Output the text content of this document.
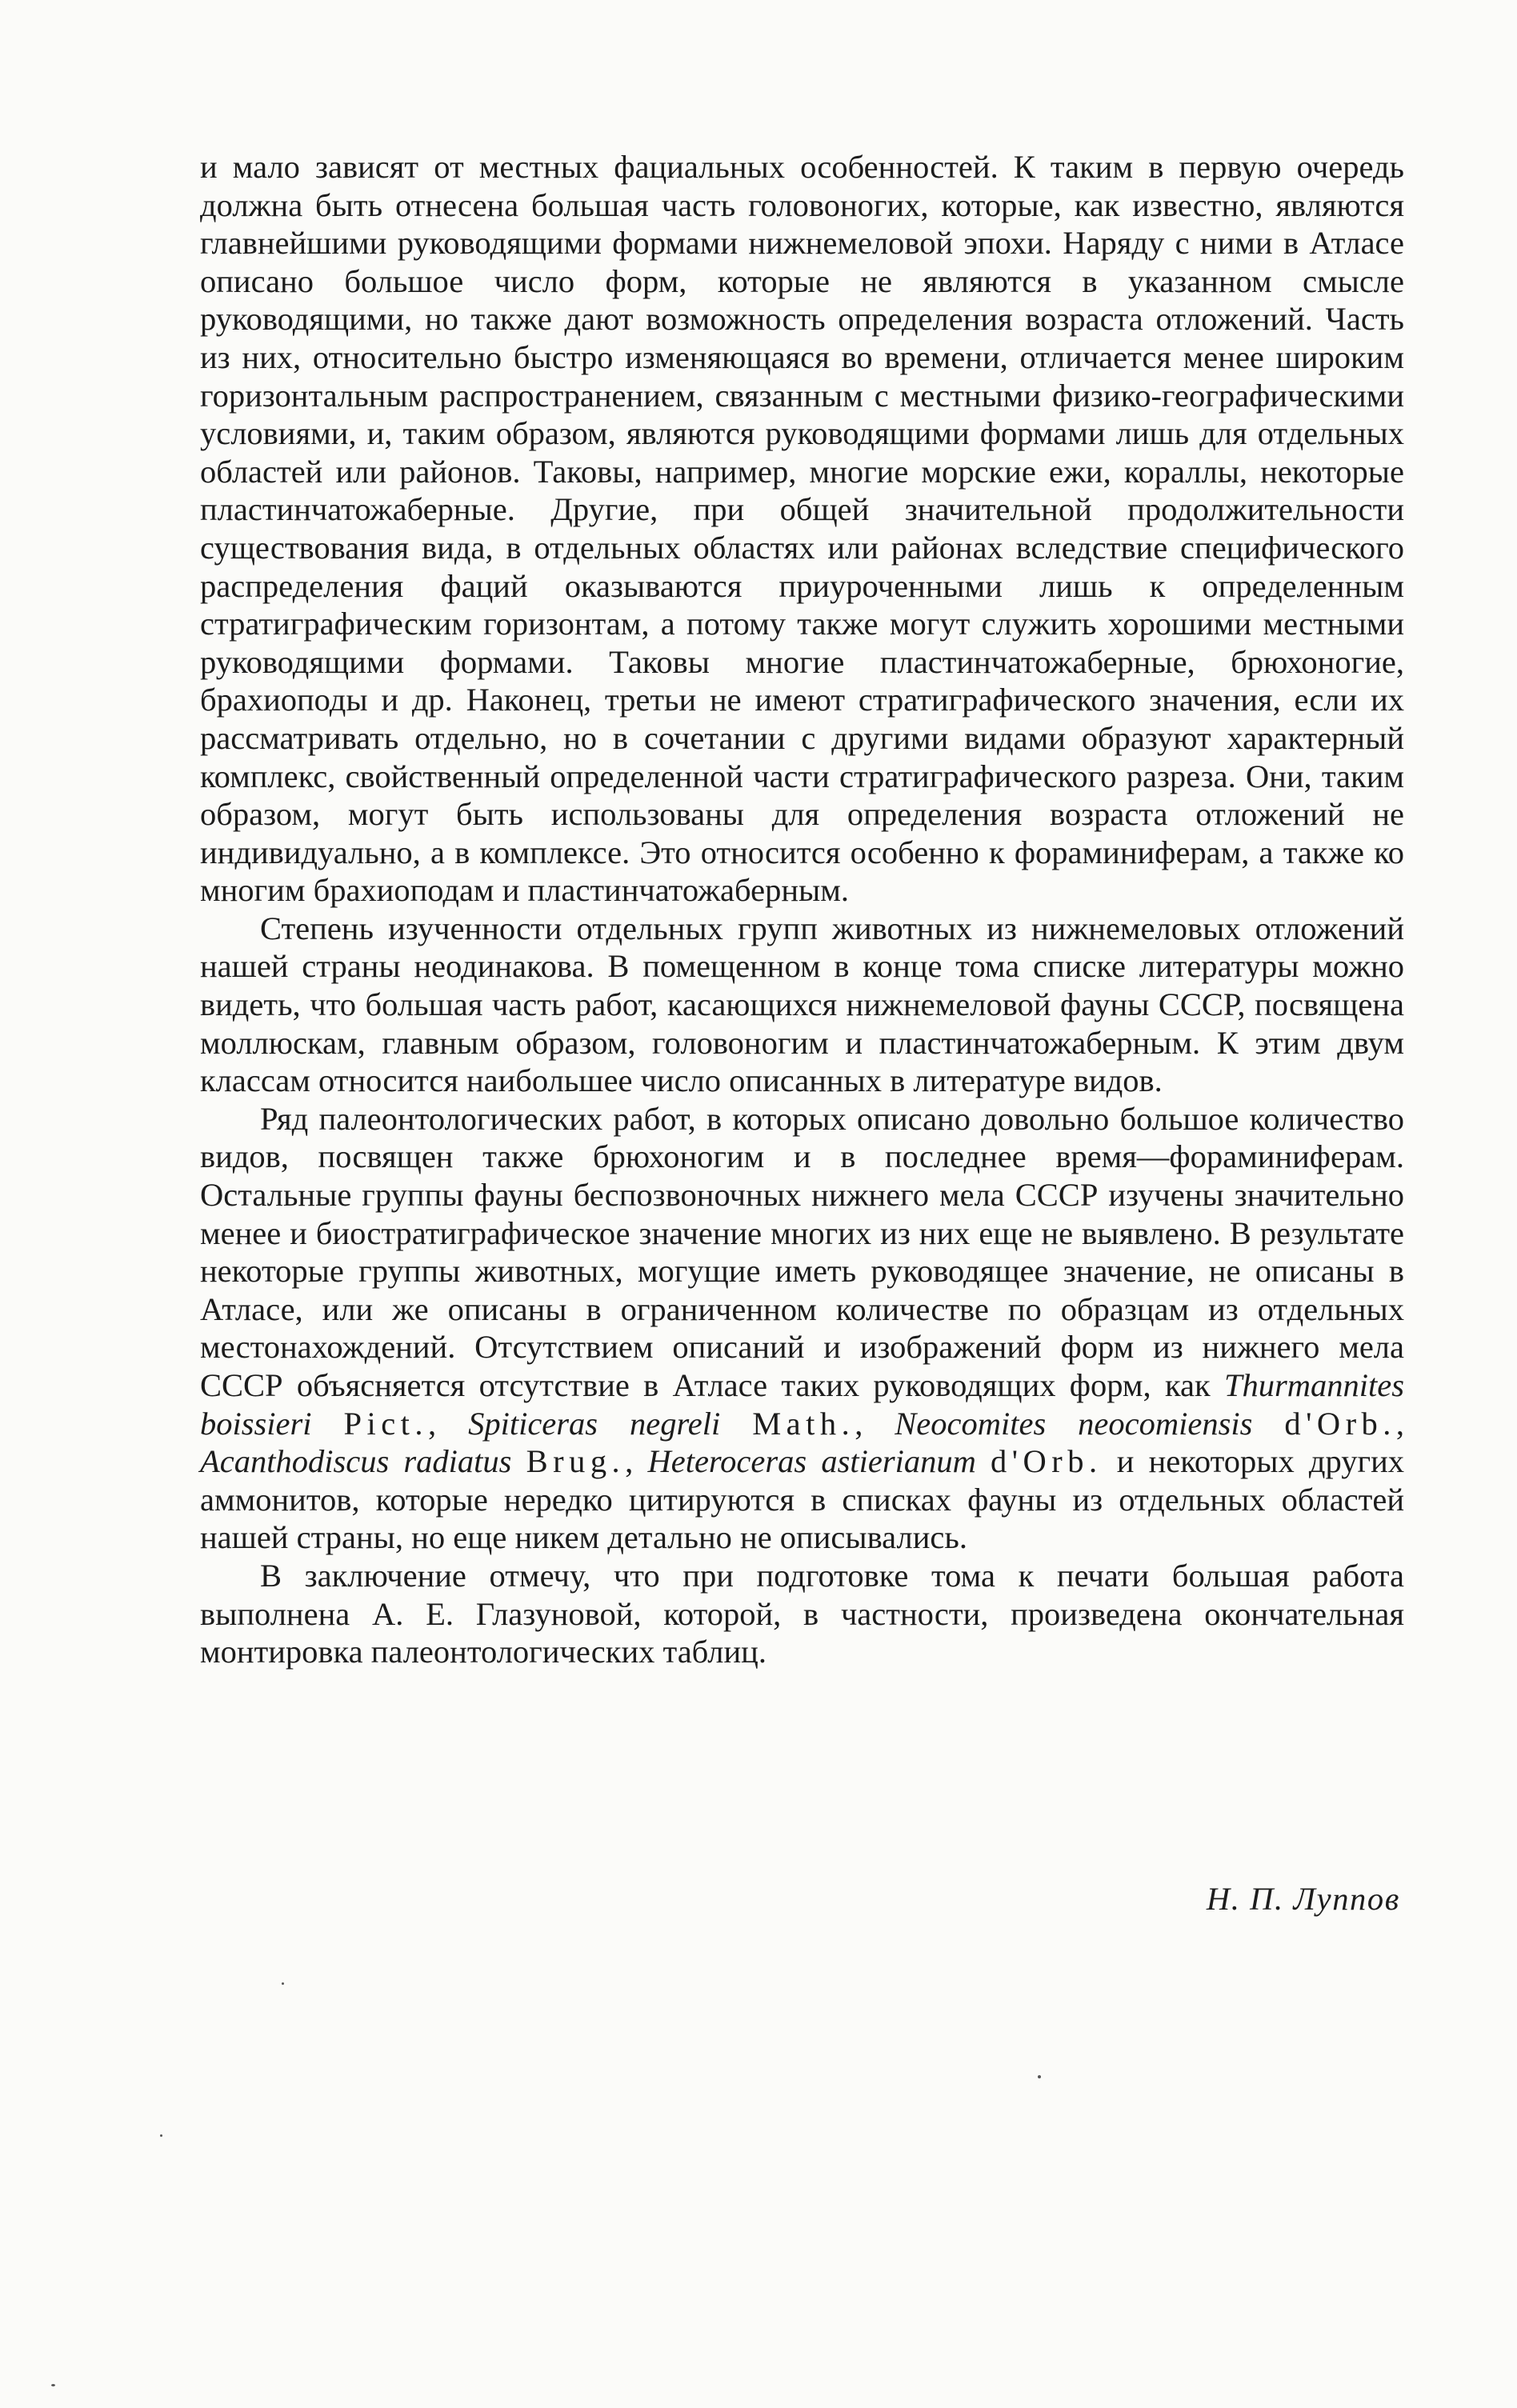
и мало зависят от местных фациальных особенностей. К таким в первую очередь должна быть отнесена большая часть головоногих, которые, как известно, являются главнейшими руководящими формами нижнемеловой эпохи. Наряду с ними в Атласе описано большое число форм, которые не являются в указанном смысле руководящими, но также дают возможность определения возраста отложений. Часть из них, относительно быстро изменяющаяся во времени, отличается менее широким горизонтальным распространением, связанным с местными физико-географическими условиями, и, таким образом, являются руководящими формами лишь для отдельных областей или районов. Таковы, например, многие морские ежи, кораллы, некоторые пластинчатожаберные. Другие, при общей значительной продолжительности существования вида, в отдельных областях или районах вследствие специфического распределения фаций оказываются приуроченными лишь к определенным стратиграфическим горизонтам, а потому также могут служить хорошими местными руководящими формами. Таковы многие пластинчатожаберные, брюхоногие, брахиоподы и др. Наконец, третьи не имеют стратиграфического значения, если их рассматривать отдельно, но в сочетании с другими видами образуют характерный комплекс, свойственный определенной части стратиграфического разреза. Они, таким образом, могут быть использованы для определения возраста отложений не индивидуально, а в комплексе. Это относится особенно к фораминиферам, а также ко многим брахиоподам и пластинчатожаберным.

Степень изученности отдельных групп животных из нижнемеловых отложений нашей страны неодинакова. В помещенном в конце тома списке литературы можно видеть, что большая часть работ, касающихся нижнемеловой фауны СССР, посвящена моллюскам, главным образом, головоногим и пластинчатожаберным. К этим двум классам относится наибольшее число описанных в литературе видов.

Ряд палеонтологических работ, в которых описано довольно большое количество видов, посвящен также брюхоногим и в последнее время—фораминиферам. Остальные группы фауны беспозвоночных нижнего мела СССР изучены значительно менее и биостратиграфическое значение многих из них еще не выявлено. В результате некоторые группы животных, могущие иметь руководящее значение, не описаны в Атласе, или же описаны в ограниченном количестве по образцам из отдельных местонахождений. Отсутствием описаний и изображений форм из нижнего мела СССР объясняется отсутствие в Атласе таких руководящих форм, как Thurmannites boissieri Pict., Spiticeras negreli Math., Neocomites neocomiensis d'Orb., Acanthodiscus radiatus Brug., Heteroceras astierianum d'Orb. и некоторых других аммонитов, которые нередко цитируются в списках фауны из отдельных областей нашей страны, но еще никем детально не описывались.

В заключение отмечу, что при подготовке тома к печати большая работа выполнена А. Е. Глазуновой, которой, в частности, произведена окончательная монтировка палеонтологических таблиц.

Н. П. Луппов
